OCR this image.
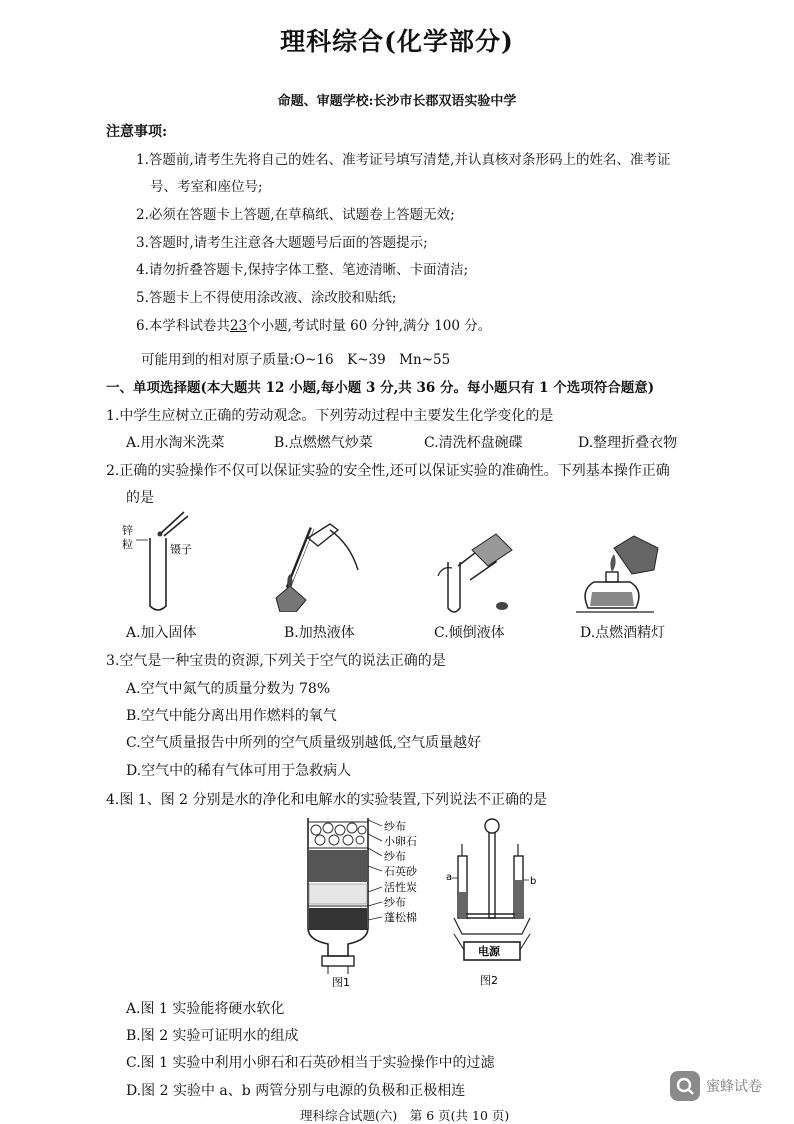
理科综合(化学部分)
命题、审题学校:长沙市长郡双语实验中学
注意事项:
1.答题前,请考生先将自己的姓名、准考证号填写清楚,并认真核对条形码上的姓名、准考证
号、考室和座位号;
2.必须在答题卡上答题,在草稿纸、试题卷上答题无效;
3.答题时,请考生注意各大题题号后面的答题提示;
4.请勿折叠答题卡,保持字体工整、笔迹清晰、卡面清洁;
5.答题卡上不得使用涂改液、涂改胶和贴纸;
6.本学科试卷共23个小题,考试时量 60 分钟,满分 100 分。
可能用到的相对原子质量:O~16　K~39　Mn~55
一、单项选择题(本大题共 12 小题,每小题 3 分,共 36 分。每小题只有 1 个选项符合题意)
1.中学生应树立正确的劳动观念。下列劳动过程中主要发生化学变化的是
A.用水淘米洗菜	B.点燃燃气炒菜	C.清洗杯盘碗碟	D.整理折叠衣物
2.正确的实验操作不仅可以保证实验的安全性,还可以保证实验的准确性。下列基本操作正确
的是
锌
粒	镊子
A.加入固体	B.加热液体	C.倾倒液体	D.点燃酒精灯
3.空气是一种宝贵的资源,下列关于空气的说法正确的是
A.空气中氮气的质量分数为 78%
B.空气中能分离出用作燃料的氧气
C.空气质量报告中所列的空气质量级别越低,空气质量越好
D.空气中的稀有气体可用于急救病人
4.图 1、图 2 分别是水的净化和电解水的实验装置,下列说法不正确的是
纱布
小卵石
纱布
石英砂
活性炭
纱布
蓬松棉
图1
a	b
电源
图2
A.图 1 实验能将硬水软化
B.图 2 实验可证明水的组成
C.图 1 实验中利用小卵石和石英砂相当于实验操作中的过滤
D.图 2 实验中 a、b 两管分别与电源的负极和正极相连
理科综合试题(六)　第 6 页(共 10 页)
蜜蜂试卷
